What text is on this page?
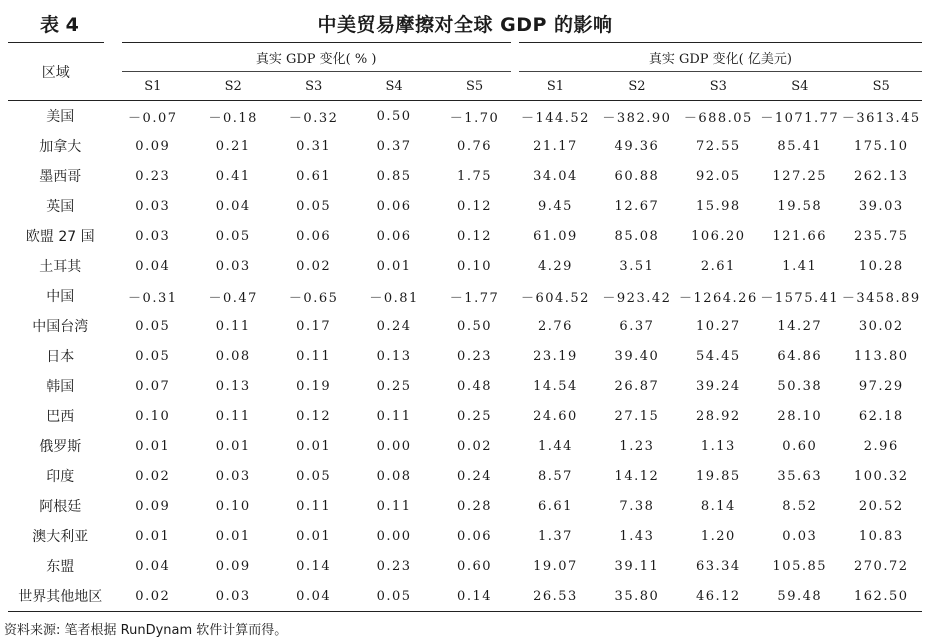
表 4	中美贸易摩擦对全球 GDP 的影响
区域	真实 GDP 变化( % )					真实 GDP 变化( 亿美元)				
	S1	S2	S3	S4	S5	S1	S2	S3	S4	S5
美国	－0.07	－0.18	－0.32	0.50	－1.70	－144.52	－382.90	－688.05	－1071.77	－3613.45
加拿大	0.09	0.21	0.31	0.37	0.76	21.17	49.36	72.55	85.41	175.10
墨西哥	0.23	0.41	0.61	0.85	1.75	34.04	60.88	92.05	127.25	262.13
英国	0.03	0.04	0.05	0.06	0.12	9.45	12.67	15.98	19.58	39.03
欧盟 27 国	0.03	0.05	0.06	0.06	0.12	61.09	85.08	106.20	121.66	235.75
土耳其	0.04	0.03	0.02	0.01	0.10	4.29	3.51	2.61	1.41	10.28
中国	－0.31	－0.47	－0.65	－0.81	－1.77	－604.52	－923.42	－1264.26	－1575.41	－3458.89
中国台湾	0.05	0.11	0.17	0.24	0.50	2.76	6.37	10.27	14.27	30.02
日本	0.05	0.08	0.11	0.13	0.23	23.19	39.40	54.45	64.86	113.80
韩国	0.07	0.13	0.19	0.25	0.48	14.54	26.87	39.24	50.38	97.29
巴西	0.10	0.11	0.12	0.11	0.25	24.60	27.15	28.92	28.10	62.18
俄罗斯	0.01	0.01	0.01	0.00	0.02	1.44	1.23	1.13	0.60	2.96
印度	0.02	0.03	0.05	0.08	0.24	8.57	14.12	19.85	35.63	100.32
阿根廷	0.09	0.10	0.11	0.11	0.28	6.61	7.38	8.14	8.52	20.52
澳大利亚	0.01	0.01	0.01	0.00	0.06	1.37	1.43	1.20	0.03	10.83
东盟	0.04	0.09	0.14	0.23	0.60	19.07	39.11	63.34	105.85	270.72
世界其他地区	0.02	0.03	0.04	0.05	0.14	26.53	35.80	46.12	59.48	162.50
资料来源: 笔者根据 RunDynam 软件计算而得。
